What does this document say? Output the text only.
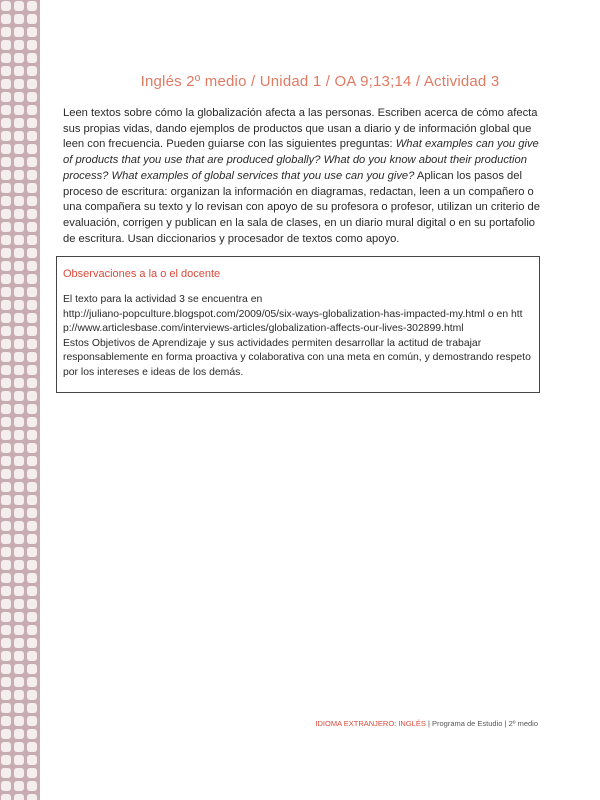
Inglés 2º medio / Unidad 1 / OA 9;13;14 / Actividad 3
Leen textos sobre cómo la globalización afecta a las personas. Escriben acerca de cómo afecta sus propias vidas, dando ejemplos de productos que usan a diario y de información global que leen con frecuencia. Pueden guiarse con las siguientes preguntas: What examples can you give of products that you use that are produced globally? What do you know about their production process? What examples of global services that you use can you give? Aplican los pasos del proceso de escritura: organizan la información en diagramas, redactan, leen a un compañero o una compañera su texto y lo revisan con apoyo de su profesora o profesor, utilizan un criterio de evaluación, corrigen y publican en la sala de clases, en un diario mural digital o en su portafolio de escritura. Usan diccionarios y procesador de textos como apoyo.
Observaciones a la o el docente

El texto para la actividad 3 se encuentra en

http://juliano-popculture.blogspot.com/2009/05/six-ways-globalization-has-impacted-my.html o en http://www.articlesbase.com/interviews-articles/globalization-affects-our-lives-302899.html

Estos Objetivos de Aprendizaje y sus actividades permiten desarrollar la actitud de trabajar responsablemente en forma proactiva y colaborativa con una meta en común, y demostrando respeto por los intereses e ideas de los demás.

IDIOMA EXTRANJERO: INGLÉS | Programa de Estudio | 2º medio
